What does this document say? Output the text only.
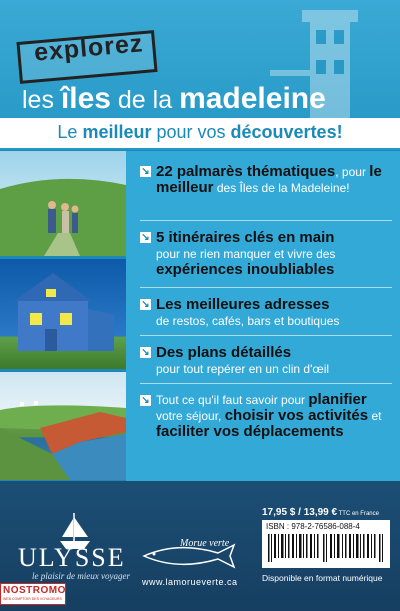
explorez
les îles de la madeleine
Le meilleur pour vos découvertes!
↘ 22 palmarès thématiques, pour le meilleur des Îles de la Madeleine!
↘ 5 itinéraires clés en main
pour ne rien manquer et vivre des expériences inoubliables
↘ Les meilleures adresses
de restos, cafés, bars et boutiques
↘ Des plans détaillés
pour tout repérer en un clin d'œil
↘ Tout ce qu'il faut savoir pour planifier votre séjour, choisir vos activités et faciliter vos déplacements
ULYSSE
le plaisir de mieux voyager
Morue verte
www.lamorueverte.ca
17,95 $ / 13,99 € TTC en France
ISBN : 978-2-76586-088-4
Disponible en format numérique
NOSTROMO
WEB COMPTOIR DES VOYAGEURS
